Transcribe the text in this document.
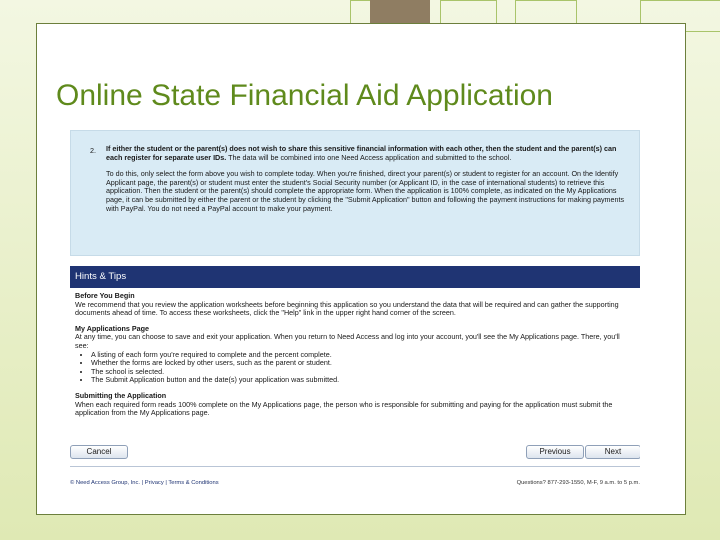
Online State Financial Aid Application
2. If either the student or the parent(s) does not wish to share this sensitive financial information with each other, then the student and the parent(s) can each register for separate user IDs. The data will be combined into one Need Access application and submitted to the school.

To do this, only select the form above you wish to complete today. When you're finished, direct your parent(s) or student to register for an account. On the Identify Applicant page, the parent(s) or student must enter the student's Social Security number (or Applicant ID, in the case of international students) to retrieve this application. Then the student or the parent(s) should complete the appropriate form. When the application is 100% complete, as indicated on the My Applications page, it can be submitted by either the parent or the student by clicking the "Submit Application" button and following the payment instructions for making payments with PayPal. You do not need a PayPal account to make your payment.

Hints & Tips
Before You Begin
We recommend that you review the application worksheets before beginning this application so you understand the data that will be required and can gather the supporting documents ahead of time. To access these worksheets, click the "Help" link in the upper right hand corner of the screen.
My Applications Page
At any time, you can choose to save and exit your application. When you return to Need Access and log into your account, you'll see the My Applications page. There, you'll see:
• A listing of each form you're required to complete and the percent complete.
• Whether the forms are locked by other users, such as the parent or student.
• The school is selected.
• The Submit Application button and the date(s) your application was submitted.
Submitting the Application
When each required form reads 100% complete on the My Applications page, the person who is responsible for submitting and paying for the application must submit the application from the My Applications page.
Cancel	Previous	Next
© Need Access Group, Inc. | Privacy | Terms & Conditions	Questions? 877-293-1550, M-F, 9 a.m. to 5 p.m.
